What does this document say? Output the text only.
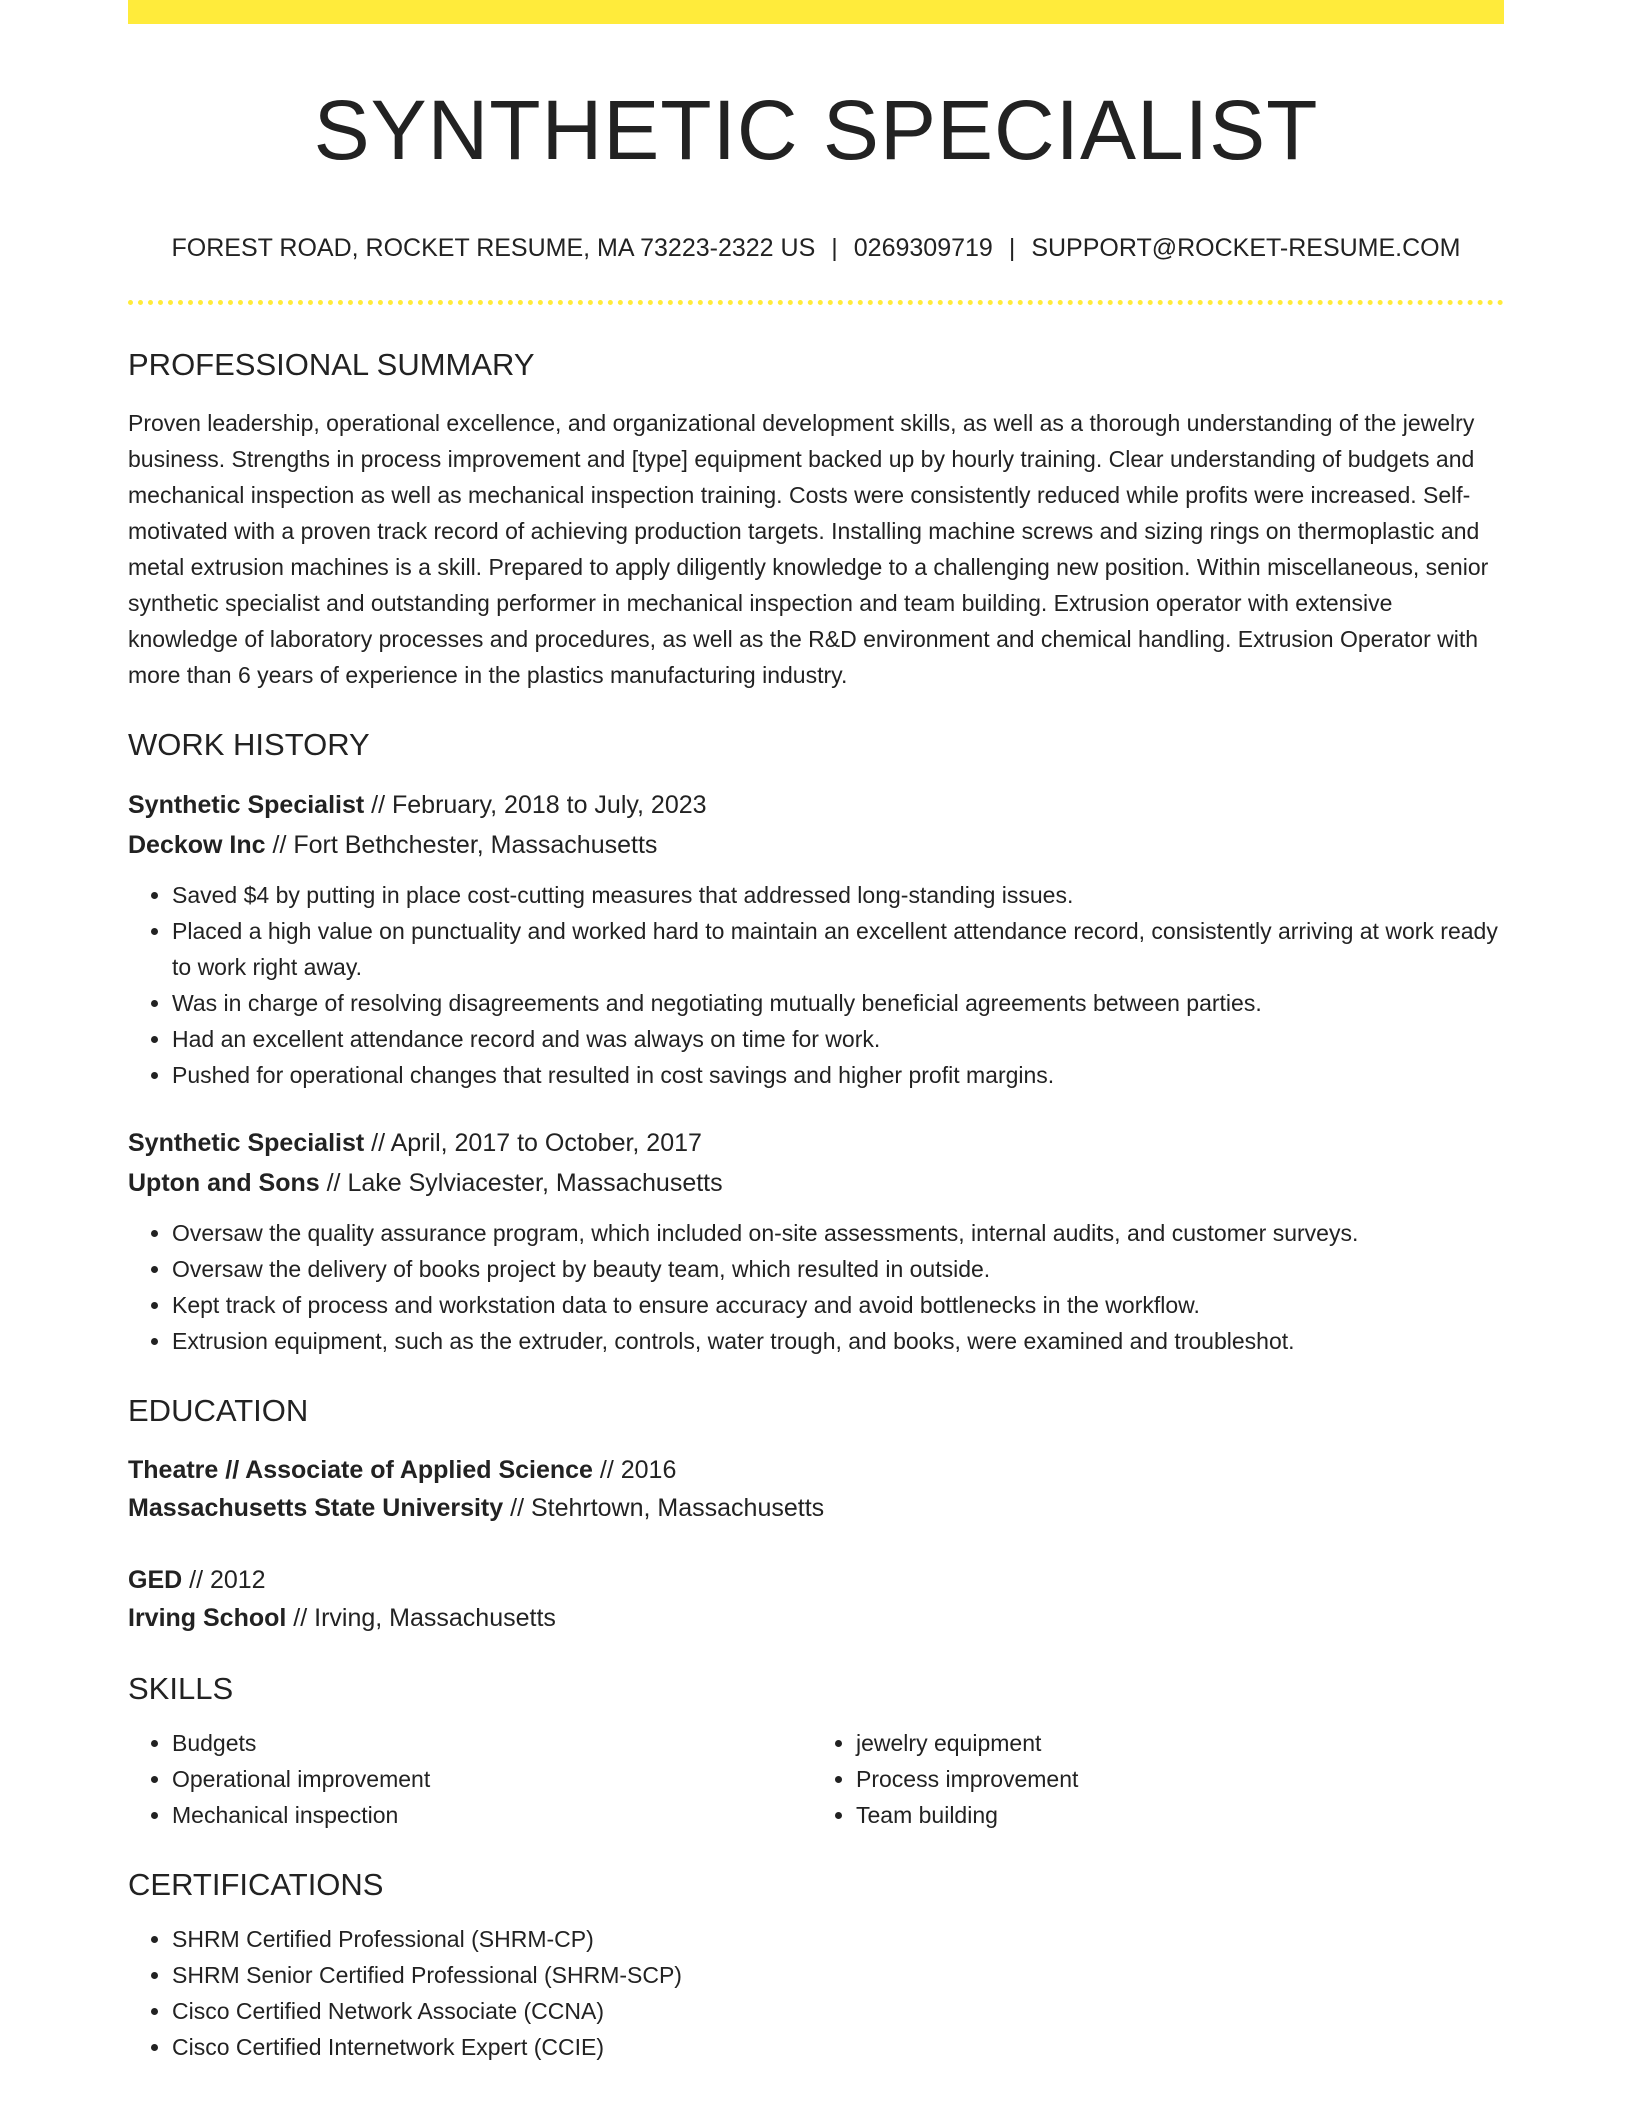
SYNTHETIC SPECIALIST
FOREST ROAD, ROCKET RESUME, MA 73223-2322 US | 0269309719 | SUPPORT@ROCKET-RESUME.COM
PROFESSIONAL SUMMARY
Proven leadership, operational excellence, and organizational development skills, as well as a thorough understanding of the jewelry business. Strengths in process improvement and [type] equipment backed up by hourly training. Clear understanding of budgets and mechanical inspection as well as mechanical inspection training. Costs were consistently reduced while profits were increased. Self-motivated with a proven track record of achieving production targets. Installing machine screws and sizing rings on thermoplastic and metal extrusion machines is a skill. Prepared to apply diligently knowledge to a challenging new position. Within miscellaneous, senior synthetic specialist and outstanding performer in mechanical inspection and team building. Extrusion operator with extensive knowledge of laboratory processes and procedures, as well as the R&D environment and chemical handling. Extrusion Operator with more than 6 years of experience in the plastics manufacturing industry.
WORK HISTORY
Synthetic Specialist // February, 2018 to July, 2023
Deckow Inc // Fort Bethchester, Massachusetts
• Saved $4 by putting in place cost-cutting measures that addressed long-standing issues.
• Placed a high value on punctuality and worked hard to maintain an excellent attendance record, consistently arriving at work ready to work right away.
• Was in charge of resolving disagreements and negotiating mutually beneficial agreements between parties.
• Had an excellent attendance record and was always on time for work.
• Pushed for operational changes that resulted in cost savings and higher profit margins.
Synthetic Specialist // April, 2017 to October, 2017
Upton and Sons // Lake Sylviacester, Massachusetts
• Oversaw the quality assurance program, which included on-site assessments, internal audits, and customer surveys.
• Oversaw the delivery of books project by beauty team, which resulted in outside.
• Kept track of process and workstation data to ensure accuracy and avoid bottlenecks in the workflow.
• Extrusion equipment, such as the extruder, controls, water trough, and books, were examined and troubleshot.
EDUCATION
Theatre // Associate of Applied Science // 2016
Massachusetts State University // Stehrtown, Massachusetts
GED // 2012
Irving School // Irving, Massachusetts
SKILLS
• Budgets
• Operational improvement
• Mechanical inspection
• jewelry equipment
• Process improvement
• Team building
CERTIFICATIONS
• SHRM Certified Professional (SHRM-CP)
• SHRM Senior Certified Professional (SHRM-SCP)
• Cisco Certified Network Associate (CCNA)
• Cisco Certified Internetwork Expert (CCIE)
